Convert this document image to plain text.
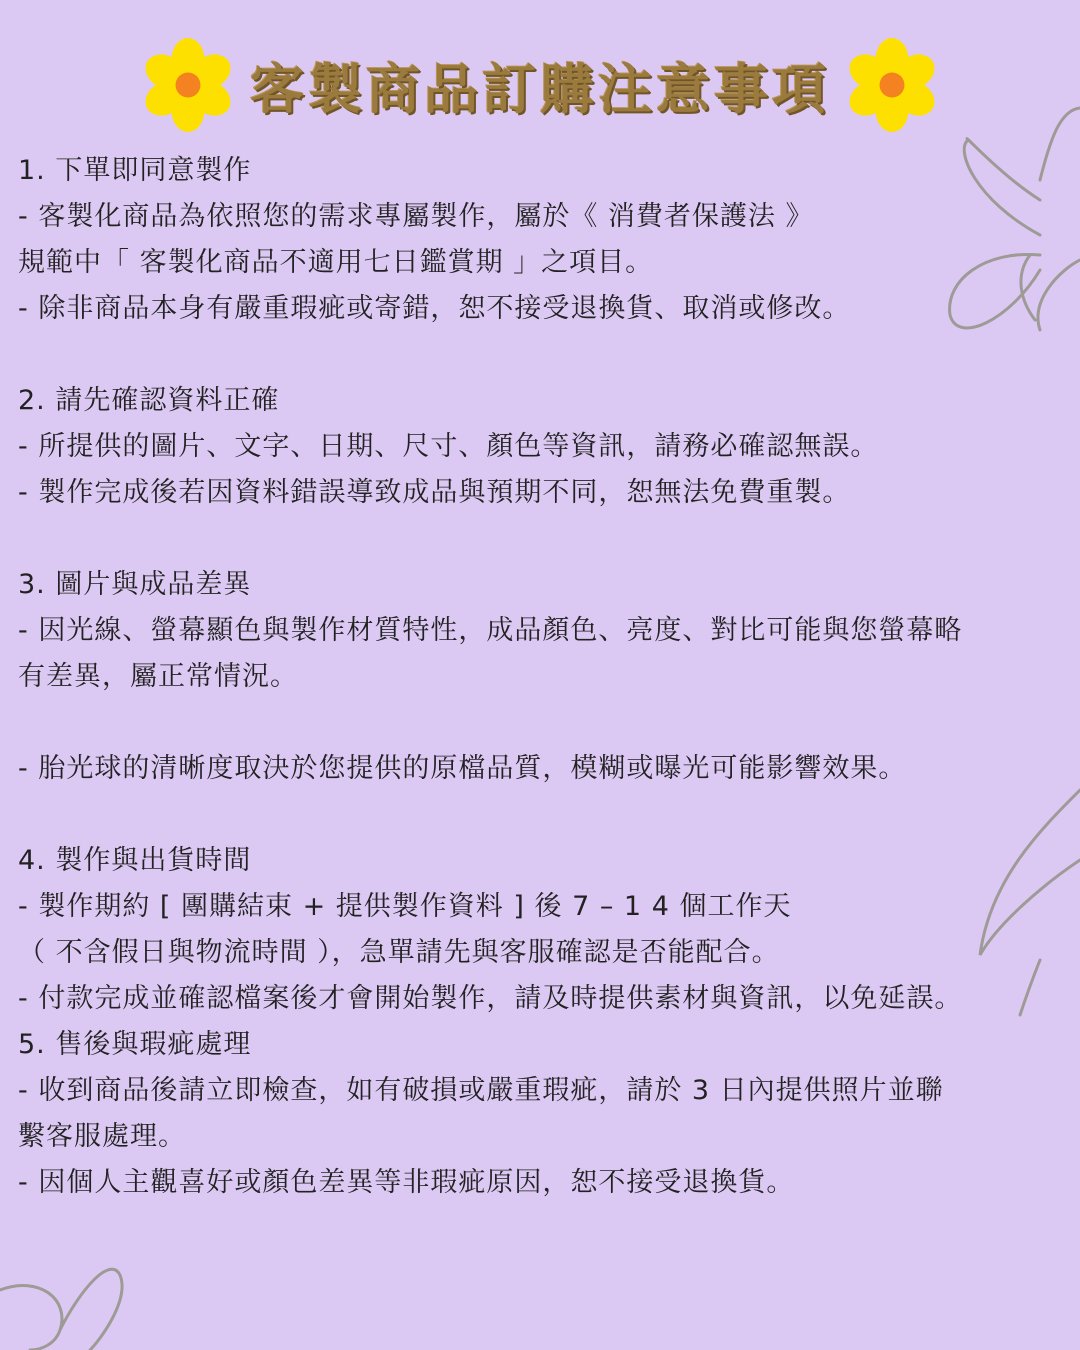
客製商品訂購注意事項
1. 下單即同意製作
- 客製化商品為依照您的需求專屬製作，屬於《 消費者保護法 》
規範中「 客製化商品不適用七日鑑賞期 」之項目。
- 除非商品本身有嚴重瑕疵或寄錯，恕不接受退換貨、取消或修改。
2. 請先確認資料正確
- 所提供的圖片、文字、日期、尺寸、顏色等資訊，請務必確認無誤。
- 製作完成後若因資料錯誤導致成品與預期不同，恕無法免費重製。
3. 圖片與成品差異
- 因光線、螢幕顯色與製作材質特性，成品顏色、亮度、對比可能與您螢幕略
有差異，屬正常情況。
- 胎光球的清晰度取決於您提供的原檔品質，模糊或曝光可能影響效果。
4. 製作與出貨時間
- 製作期約 [ 團購結束 + 提供製作資料 ] 後 7 – 1 4 個工作天
（ 不含假日與物流時間 ），急單請先與客服確認是否能配合。
- 付款完成並確認檔案後才會開始製作，請及時提供素材與資訊，以免延誤。
5. 售後與瑕疵處理
- 收到商品後請立即檢查，如有破損或嚴重瑕疵，請於 3 日內提供照片並聯
繫客服處理。
- 因個人主觀喜好或顏色差異等非瑕疵原因，恕不接受退換貨。
